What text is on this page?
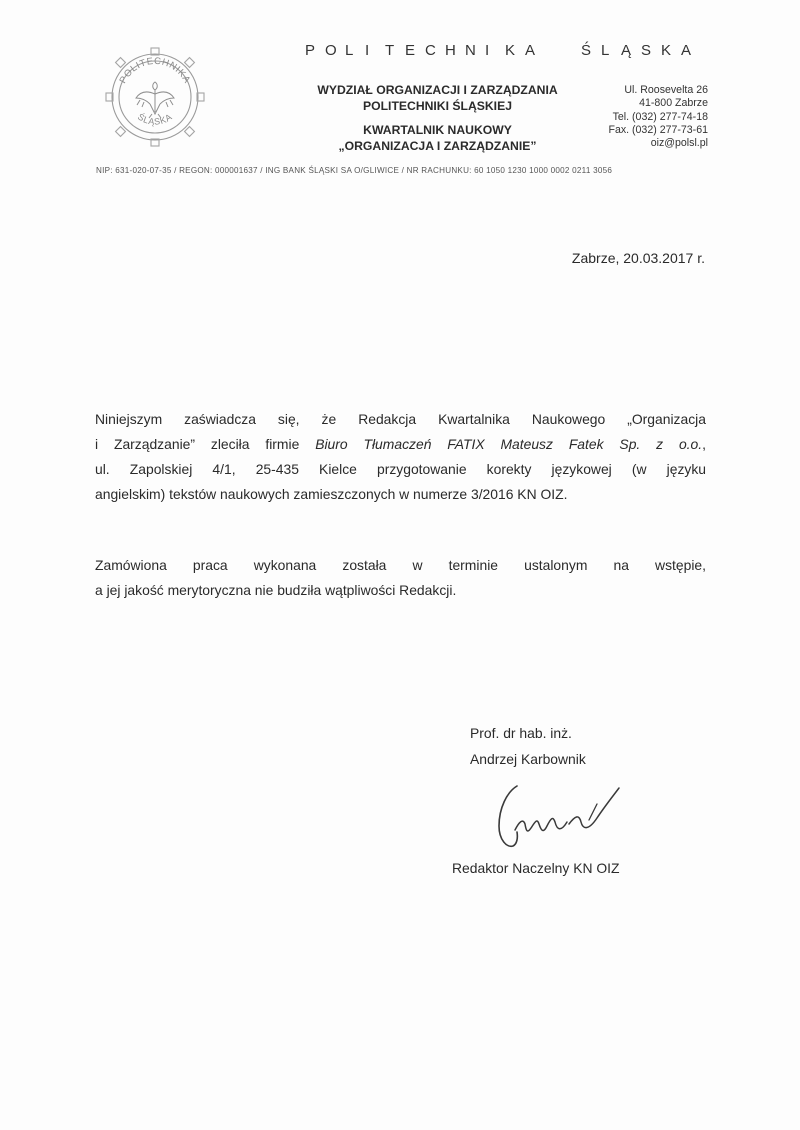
POLITECHNIKA
ŚLĄSKA
P O L I T E C H N I K A	Ś L Ą S K A
WYDZIAŁ ORGANIZACJI I ZARZĄDZANIA
POLITECHNIKI ŚLĄSKIEJ
KWARTALNIK NAUKOWY
„ORGANIZACJA I ZARZĄDZANIE”
Ul. Roosevelta 26
41-800 Zabrze
Tel. (032) 277-74-18
Fax. (032) 277-73-61
oiz@polsl.pl
NIP: 631-020-07-35 / REGON: 000001637 / ING BANK ŚLĄSKI SA O/GLIWICE / NR RACHUNKU: 60 1050 1230 1000 0002 0211 3056
Zabrze, 20.03.2017 r.
Niniejszym zaświadcza się, że Redakcja Kwartalnika Naukowego „Organizacja
i Zarządzanie” zleciła firmie Biuro Tłumaczeń FATIX Mateusz Fatek Sp. z o.o.,
ul. Zapolskiej 4/1, 25-435 Kielce przygotowanie korekty językowej (w języku
angielskim) tekstów naukowych zamieszczonych w numerze 3/2016 KN OIZ.
Zamówiona praca wykonana została w terminie ustalonym na wstępie,
a jej jakość merytoryczna nie budziła wątpliwości Redakcji.
Prof. dr hab. inż.
Andrzej Karbownik
Redaktor Naczelny KN OIZ
